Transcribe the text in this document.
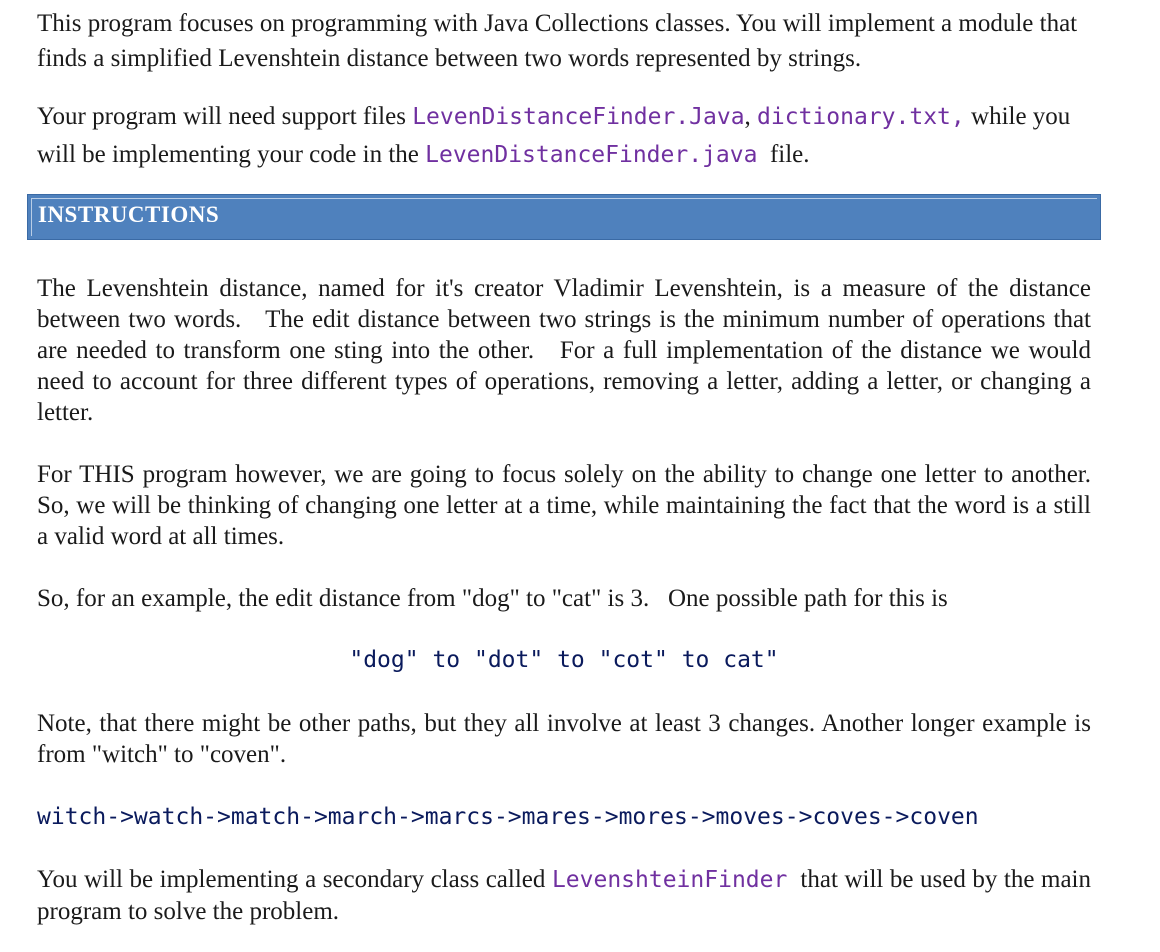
This program focuses on programming with Java Collections classes. You will implement a module that finds a simplified Levenshtein distance between two words represented by strings.

Your program will need support files LevenDistanceFinder.Java, dictionary.txt, while you will be implementing your code in the LevenDistanceFinder.java  file.

INSTRUCTIONS

The Levenshtein distance, named for it's creator Vladimir Levenshtein, is a measure of the distance between two words.   The edit distance between two strings is the minimum number of operations that are needed to transform one sting into the other.   For a full implementation of the distance we would need to account for three different types of operations, removing a letter, adding a letter, or changing a letter.

For THIS program however, we are going to focus solely on the ability to change one letter to another.   So, we will be thinking of changing one letter at a time, while maintaining the fact that the word is a still a valid word at all times.

So, for an example, the edit distance from "dog" to "cat" is 3.   One possible path for this is

"dog" to "dot" to "cot" to cat"

Note, that there might be other paths, but they all involve at least 3 changes. Another longer example is from "witch" to "coven".

witch->watch->match->march->marcs->mares->mores->moves->coves->coven

You will be implementing a secondary class called LevenshteinFinder  that will be used by the main program to solve the problem.
